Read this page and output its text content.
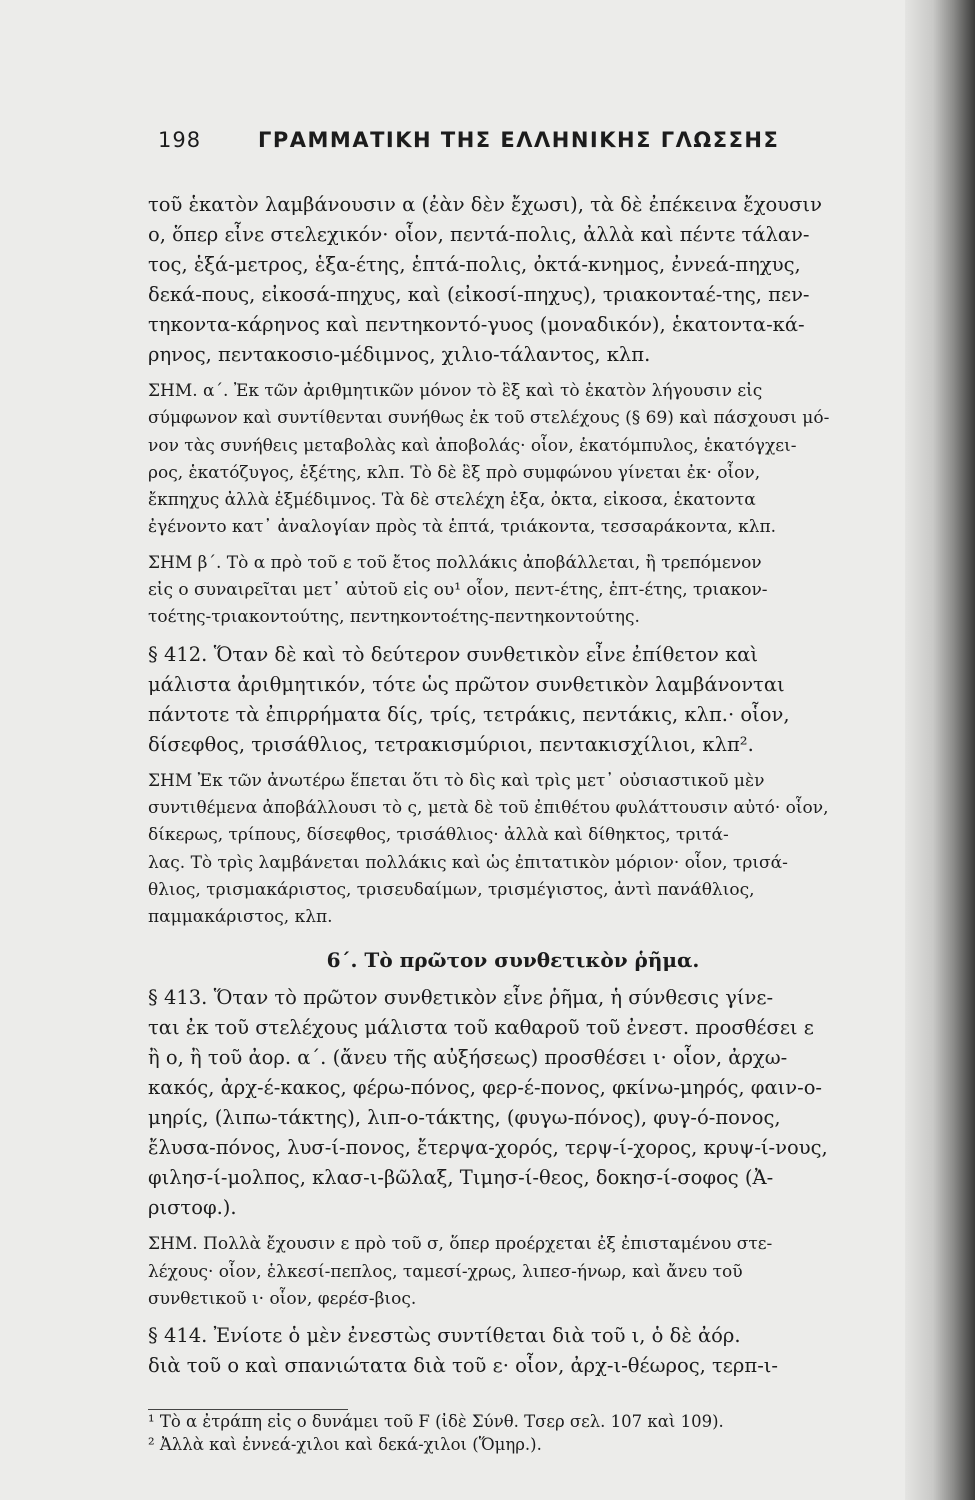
198	ΓΡΑΜΜΑΤΙΚΗ ΤΗΣ ΕΛΛΗΝΙΚΗΣ ΓΛΩΣΣΗΣ
τοῦ ἑκατὸν λαμβάνουσιν α (ἐὰν δὲν ἔχωσι), τὰ δὲ ἐπέκεινα ἔχουσιν
ο, ὅπερ εἶνε στελεχικόν· οἷον, πεντά-πολις, ἀλλὰ καὶ πέντε τάλαν-
τος, ἑξά-μετρος, ἑξα-έτης, ἑπτά-πολις, ὀκτά-κνημος, ἐννεά-πηχυς,
δεκά-πους, εἰκοσά-πηχυς, καὶ (εἰκοσί-πηχυς), τριακονταέ-της, πεν-
τηκοντα-κάρηνος καὶ πεντηκοντό-γυος (μοναδικόν), ἑκατοντα-κά-
ρηνος, πεντακοσιο-μέδιμνος, χιλιο-τάλαντος, κλπ.
ΣΗΜ. α΄. Ἐκ τῶν ἀριθμητικῶν μόνον τὸ ἓξ καὶ τὸ ἑκατὸν λήγουσιν εἰς
σύμφωνον καὶ συντίθενται συνήθως ἐκ τοῦ στελέχους (§ 69) καὶ πάσχουσι μό-
νον τὰς συνήθεις μεταβολὰς καὶ ἀποβολάς· οἷον, ἑκατόμπυλος, ἑκατόγχει-
ρος, ἑκατόζυγος, ἑξέτης, κλπ. Τὸ δὲ ἓξ πρὸ συμφώνου γίνεται ἐκ· οἷον,
ἔκπηχυς ἀλλὰ ἑξμέδιμνος. Τὰ δὲ στελέχη ἑξα, ὀκτα, εἰκοσα, ἑκατοντα
ἐγένοντο κατ᾽ ἀναλογίαν πρὸς τὰ ἑπτά, τριάκοντα, τεσσαράκοντα, κλπ.
ΣΗΜ β΄. Τὸ α πρὸ τοῦ ε τοῦ ἔτος πολλάκις ἀποβάλλεται, ἢ τρεπόμενον
εἰς ο συναιρεῖται μετ᾽ αὐτοῦ εἰς ου¹ οἷον, πεντ-έτης, ἑπτ-έτης, τριακον-
τοέτης-τριακοντούτης, πεντηκοντοέτης-πεντηκοντούτης.
§ 412. Ὅταν δὲ καὶ τὸ δεύτερον συνθετικὸν εἶνε ἐπίθετον καὶ
μάλιστα ἀριθμητικόν, τότε ὡς πρῶτον συνθετικὸν λαμβάνονται
πάντοτε τὰ ἐπιρρήματα δίς, τρίς, τετράκις, πεντάκις, κλπ.· οἷον,
δίσεφθος, τρισάθλιος, τετρακισμύριοι, πεντακισχίλιοι, κλπ².
ΣΗΜ Ἐκ τῶν ἀνωτέρω ἕπεται ὅτι τὸ δὶς καὶ τρὶς μετ᾽ οὐσιαστικοῦ μὲν
συντιθέμενα ἀποβάλλουσι τὸ ς, μετὰ δὲ τοῦ ἐπιθέτου φυλάττουσιν αὐτό· οἷον,
δίκερως, τρίπους, δίσεφθος, τρισάθλιος· ἀλλὰ καὶ δίθηκτος, τριτά-
λας. Τὸ τρὶς λαμβάνεται πολλάκις καὶ ὡς ἐπιτατικὸν μόριον· οἷον, τρισά-
θλιος, τρισμακάριστος, τρισευδαίμων, τρισμέγιστος, ἀντὶ πανάθλιος,
παμμακάριστος, κλπ.
6΄. Τὸ πρῶτον συνθετικὸν ῥῆμα.
§ 413. Ὅταν τὸ πρῶτον συνθετικὸν εἶνε ῥῆμα, ἡ σύνθεσις γίνε-
ται ἐκ τοῦ στελέχους μάλιστα τοῦ καθαροῦ τοῦ ἐνεστ. προσθέσει ε
ἢ ο, ἢ τοῦ ἀορ. α΄. (ἄνευ τῆς αὐξήσεως) προσθέσει ι· οἷον, ἀρχω-
κακός, ἀρχ-έ-κακος, φέρω-πόνος, φερ-έ-πονος, φκίνω-μηρός, φαιν-ο-
μηρίς, (λιπω-τάκτης), λιπ-ο-τάκτης, (φυγω-πόνος), φυγ-ό-πονος,
ἔλυσα-πόνος, λυσ-ί-πονος, ἔτερψα-χορός, τερψ-ί-χορος, κρυψ-ί-νους,
φιλησ-ί-μολπος, κλασ-ι-βῶλαξ, Τιμησ-ί-θεος, δοκησ-ί-σοφος (Ἀ-
ριστοφ.).
ΣΗΜ. Πολλὰ ἔχουσιν ε πρὸ τοῦ σ, ὅπερ προέρχεται ἐξ ἐπισταμένου στε-
λέχους· οἷον, ἑλκεσί-πεπλος, ταμεσί-χρως, λιπεσ-ήνωρ, καὶ ἄνευ τοῦ
συνθετικοῦ ι· οἷον, φερέσ-βιος.
§ 414. Ἐνίοτε ὁ μὲν ἐνεστὼς συντίθεται διὰ τοῦ ι, ὁ δὲ ἀόρ.
διὰ τοῦ ο καὶ σπανιώτατα διὰ τοῦ ε· οἷον, ἀρχ-ι-θέωρος, τερπ-ι-
¹ Τὸ α ἐτράπη εἰς ο δυνάμει τοῦ F (ἰδὲ Σύνθ. Τσερ σελ. 107 καὶ 109).
² Ἀλλὰ καὶ ἐννεά-χιλοι καὶ δεκά-χιλοι (Ὅμηρ.).
